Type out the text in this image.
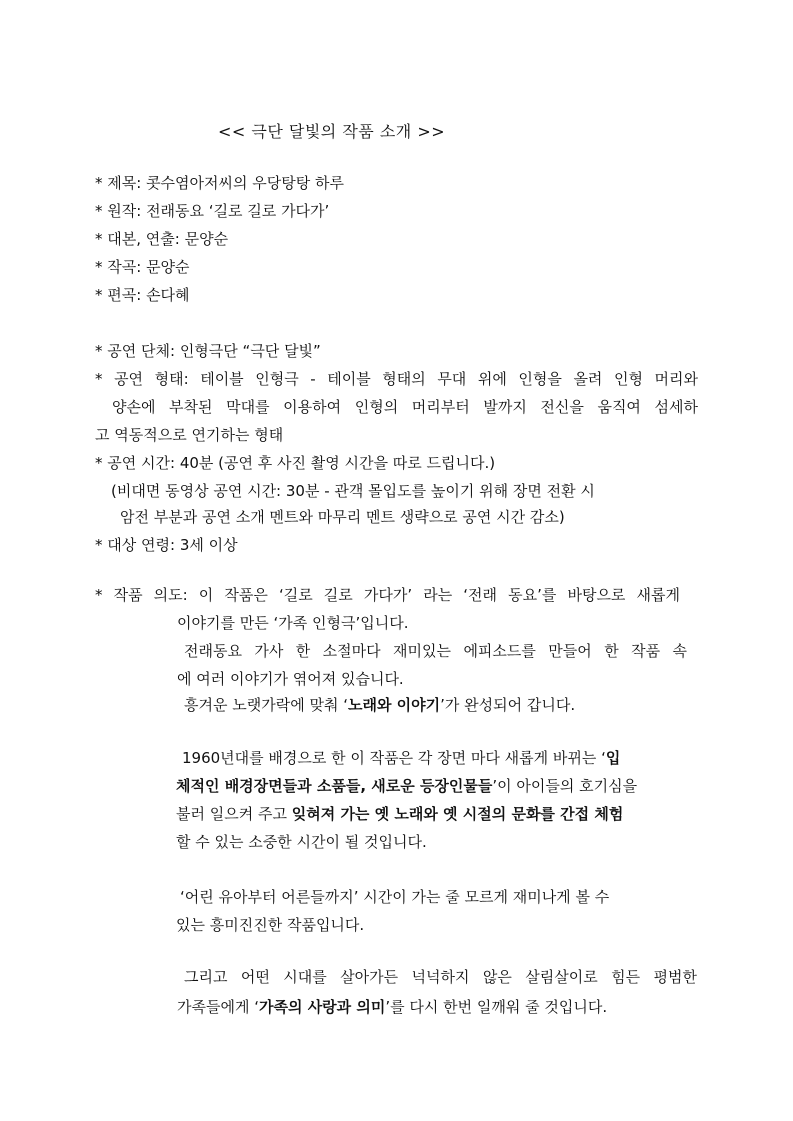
<< 극단 달빛의 작품 소개 >>
* 제목: 콧수염아저씨의 우당탕탕 하루
* 원작: 전래동요 ‘길로 길로 가다가’
* 대본, 연출: 문양순
* 작곡: 문양순
* 편곡: 손다혜
* 공연 단체: 인형극단 “극단 달빛”
* 공연 형태: 테이블 인형극 - 테이블 형태의 무대 위에 인형을 올려 인형 머리와
양손에 부착된 막대를 이용하여 인형의 머리부터 발까지 전신을 움직여 섬세하
고 역동적으로 연기하는 형태
* 공연 시간: 40분 (공연 후 사진 촬영 시간을 따로 드립니다.)
(비대면 동영상 공연 시간: 30분 - 관객 몰입도를 높이기 위해 장면 전환 시
암전 부분과 공연 소개 멘트와 마무리 멘트 생략으로 공연 시간 감소)
* 대상 연령: 3세 이상
* 작품 의도: 이 작품은 ‘길로 길로 가다가’ 라는 ‘전래 동요’를 바탕으로 새롭게
이야기를 만든 ‘가족 인형극’입니다.
전래동요 가사 한 소절마다 재미있는 에피소드를 만들어 한 작품 속
에 여러 이야기가 엮어져 있습니다.
흥겨운 노랫가락에 맞춰 ‘노래와 이야기’가 완성되어 갑니다.
1960년대를 배경으로 한 이 작품은 각 장면 마다 새롭게 바뀌는 ‘입
체적인 배경장면들과 소품들, 새로운 등장인물들’이 아이들의 호기심을
불러 일으켜 주고 잊혀져 가는 옛 노래와 옛 시절의 문화를 간접 체험
할 수 있는 소중한 시간이 될 것입니다.
‘어린 유아부터 어른들까지’ 시간이 가는 줄 모르게 재미나게 볼 수
있는 흥미진진한 작품입니다.
그리고 어떤 시대를 살아가든 넉넉하지 않은 살림살이로 힘든 평범한
가족들에게 ‘가족의 사랑과 의미’를 다시 한번 일깨워 줄 것입니다.
